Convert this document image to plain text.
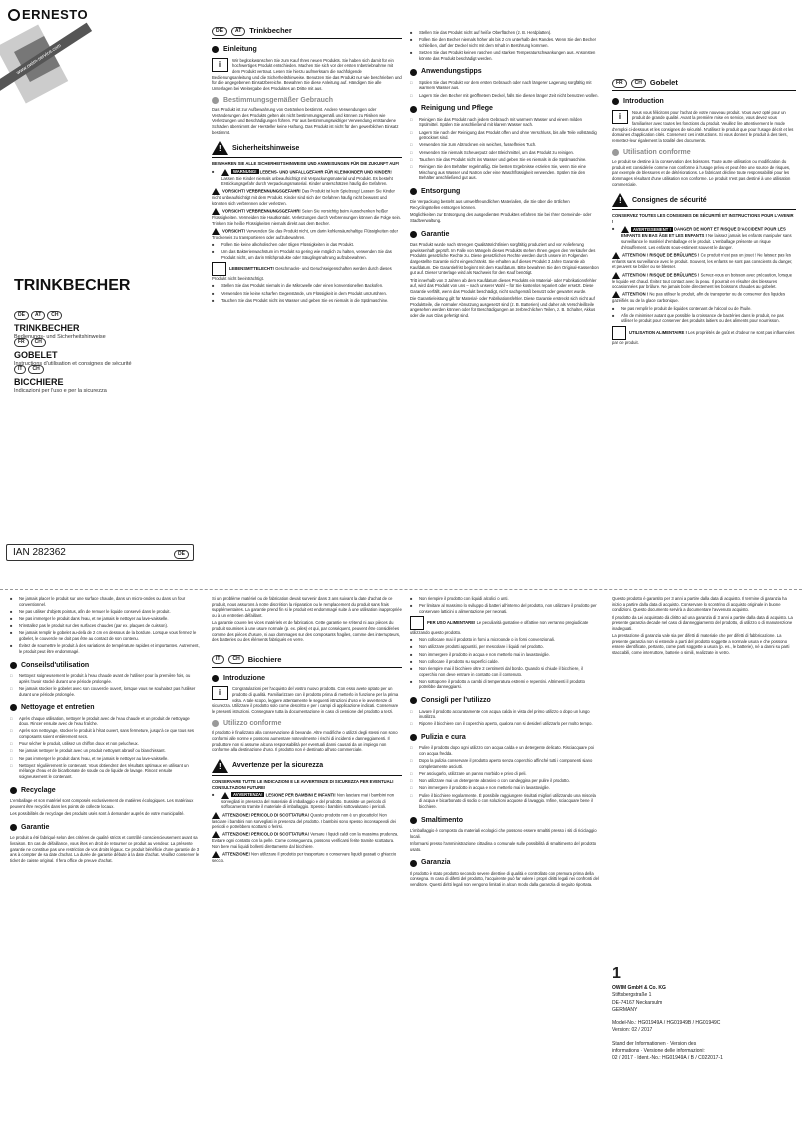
ERNESTO
www.owim-service.com
TRINKBECHER
DE	AT	CH
TRINKBECHER
Bedienungs- und Sicherheitshinweise
FR	CH
GOBELET
Instructions d'utilisation et consignes de sécurité
IT	CH
BICCHIERE
Indicazioni per l'uso e per la sicurezza
IAN 282362	DE
DE	AT	Trinkbecher
Einleitung
i	Wir beglückwünschen Sie zum Kauf Ihres neuen Produkts. Sie haben sich damit für ein hochwertiges Produkt entschieden. Machen Sie sich vor der ersten Inbetriebnahme mit dem Produkt vertraut. Lesen Sie hierzu aufmerksam die nachfolgende Bedienungsanleitung und die Sicherheitshinweise. Benutzen Sie das Produkt nur wie beschrieben und für die angegebenen Einsatzbereiche. Bewahren Sie diese Anleitung auf. Händigen Sie alle Unterlagen bei Weitergabe des Produktes an Dritte mit aus.
Bestimmungsgemäßer Gebrauch
Das Produkt ist zur Aufbewahrung von Getränken bestimmt. Andere Verwendungen oder Veränderungen des Produkts gelten als nicht bestimmungsgemäß und können zu Risiken wie Verletzungen und Beschädigungen führen. Für aus bestimmungswidriger Verwendung entstandene Schäden übernimmt der Hersteller keine Haftung. Das Produkt ist nicht für den gewerblichen Einsatz bestimmt.
!
Sicherheitshinweise
BEWAHREN SIE ALLE SICHERHEITSHINWEISE UND ANWEISUNGEN FÜR DIE ZUKUNFT AUF!
■ WARNUNG! LEBENS- UND UNFALLGEFAHR FÜR KLEINKINDER UND KINDER! Lassen Sie Kinder niemals unbeaufsichtigt mit Verpackungsmaterial und Produkt. Es besteht Erstickungsgefahr durch Verpackungsmaterial. Kinder unterschätzen häufig die Gefahren.
VORSICHT! VERBRENNUNGSGEFAHR! Das Produkt ist kein Spielzeug! Lassen Sie Kinder nicht unbeaufsichtigt mit dem Produkt. Kinder sind sich der Gefahren häufig nicht bewusst und könnten sich verbrennen oder verletzen.
VORSICHT! VERBRENNUNGSGEFAHR! Seien Sie vorsichtig beim Ausschenken heißer Flüssigkeiten. Vermeiden Sie Hautkontakt. Verletzungen durch Verbrennungen können die Folge sein. Trinken Sie heiße Flüssigkeiten niemals direkt aus dem Becher.
VORSICHT! Verwenden Sie das Produkt nicht, um darin kohlensäurehaltige Flüssigkeiten oder Trockeneis zu transportieren oder aufzubewahren.
■ Füllen Sie keine alkoholischen oder öligen Flüssigkeiten in das Produkt.
■ Um das Bakterienwachstum im Produkt so gering wie möglich zu halten, verwenden Sie das Produkt nicht, um darin Milchprodukte oder Säuglingsnahrung aufzubewahren.
LEBENSMITTELECHT! Geschmacks- und Geruchseigenschaften werden durch dieses Produkt nicht beeinträchtigt.
■ Stellen Sie das Produkt niemals in die Mikrowelle oder einen konventionellen Backofen.
■ Verwenden Sie keine scharfen Gegenstände, um Flüssigkeit in dem Produkt umzurühren.
■ Tauchen Sie das Produkt nicht ins Wasser und geben Sie es niemals in die Spülmaschine.
■ Stellen Sie das Produkt nicht auf heiße Oberflächen (z. B. Herdplatten).
■ Füllen Sie den Becher niemals höher als bis 2 cm unterhalb des Randes. Wenn Sie den Becher schließen, darf der Deckel nicht mit dem Inhalt in Berührung kommen.
■ Setzen Sie das Produkt keinen raschen und starken Temperaturschwankungen aus. Ansonsten könnte das Produkt beschädigt werden.
Anwendungstipps
□ Spülen Sie das Produkt vor dem ersten Gebrauch oder nach längerer Lagerung sorgfältig mit warmem Wasser aus.
□ Lagern Sie den Becher mit geöffnetem Deckel, falls Sie diesen länger Zeit nicht benutzen wollen.
Reinigung und Pflege
□ Reinigen Sie das Produkt nach jedem Gebrauch mit warmem Wasser und einem milden Spülmittel. Spülen Sie anschließend mit klarem Wasser nach.
□ Lagern Sie nach der Reinigung das Produkt offen und ohne Verschluss, bis alle Teile vollständig getrocknet sind.
□ Verwenden Sie zum Abtrocknen ein weiches, fusselfreies Tuch.
□ Verwenden Sie niemals Scheuerputz oder Bleichmittel, um das Produkt zu reinigen.
□ Tauchen Sie das Produkt nicht ins Wasser und geben Sie es niemals in die Spülmaschine.
□ Reinigen Sie den Behälter regelmäßig. Die besten Ergebnisse erzielen Sie, wenn Sie eine Mischung aus Wasser und Natron oder eine Waschflüssigkeit verwenden. Spülen Sie den Behälter anschließend gut aus.
Entsorgung
Die Verpackung besteht aus umweltfreundlichen Materialien, die Sie über die örtlichen Recyclingstellen entsorgen können.
Möglichkeiten zur Entsorgung des ausgedienten Produktes erfahren Sie bei Ihrer Gemeinde- oder Stadtverwaltung.
Garantie
Das Produkt wurde nach strengen Qualitätsrichtlinien sorgfältig produziert und vor Anlieferung gewissenhaft geprüft. Im Falle von Mängeln dieses Produkts stehen Ihnen gegen den Verkäufer des Produkts gesetzliche Rechte zu. Diese gesetzlichen Rechte werden durch unsere im Folgenden dargestellte Garantie nicht eingeschränkt. Sie erhalten auf dieses Produkt 3 Jahre Garantie ab Kaufdatum. Die Garantiefrist beginnt mit dem Kaufdatum. Bitte bewahren Sie den Original-Kassenbon gut auf. Dieser Unterlage wird als Nachweis für den Kauf benötigt.
Tritt innerhalb von 3 Jahren ab dem Kaufdatum dieses Produkts ein Material- oder Fabrikationsfehler auf, wird das Produkt von uns – nach unserer Wahl – für Sie kostenlos repariert oder ersetzt. Diese Garantie verfällt, wenn das Produkt beschädigt, nicht sachgemäß benutzt oder gewartet wurde.
Die Garantieleistung gilt für Material- oder Fabrikationsfehler. Diese Garantie erstreckt sich nicht auf Produktteile, die normaler Abnutzung ausgesetzt sind (z. B. Batterien) und daher als Verschleißteile angesehen werden können oder für Beschädigungen an zerbrechlichen Teilen, z. B. Schalter, Akkus oder die aus Glas gefertigt sind.
FR	CH	Gobelet
Introduction
i	Nous vous félicitons pour l'achat de votre nouveau produit. Vous avez opté pour un produit de grande qualité. Avant la première mise en service, vous devez vous familiariser avec toutes les fonctions du produit. Veuillez lire attentivement le mode d'emploi ci-dessous et les consignes de sécurité. N'utilisez le produit que pour l'usage décrit et les domaines d'application cités. Conservez ces instructions. Si vous donnez le produit à des tiers, remettez-leur également la totalité des documents.
Utilisation conforme
Le produit se destine à la conservation des boissons. Toute autre utilisation ou modification du produit est considérée comme non conforme à l'usage prévu et peut être une source de risques, par exemple de blessures et de détériorations. Le fabricant décline toute responsabilité pour les dommages résultant d'une utilisation non conforme. Le produit n'est pas destiné à une utilisation commerciale.
!
Consignes de sécurité
CONSERVEZ TOUTES LES CONSIGNES DE SÉCURITÉ ET INSTRUCTIONS POUR L'AVENIR !
■ AVERTISSEMENT ! DANGER DE MORT ET RISQUE D'ACCIDENT POUR LES ENFANTS EN BAS ÂGE ET LES ENFANTS ! Ne laissez jamais les enfants manipuler sans surveillance le matériel d'emballage et le produit. L'emballage présente un risque d'étouffement. Les enfants sous-estiment souvent le danger.
ATTENTION ! RISQUE DE BRÛLURES ! Ce produit n'est pas un jouet ! Ne laissez pas les enfants sans surveillance avec le produit. Souvent, les enfants ne sont pas conscients du danger, et peuvent se brûler ou se blesser.
ATTENTION ! RISQUE DE BRÛLURES ! Servez-vous en boisson avec précaution, lorsque le liquide est chaud. Évitez tout contact avec la peau. Il pourrait en résulter des blessures occasionnées par brûlure. Ne jamais boire directement les boissons chaudes au gobelet.
ATTENTION ! Ne pas utiliser le produit, afin de transporter ou de conserver des liquides gazéifiés ou de la glace carbonique.
■ Ne pas remplir le produit de liquides contenant de l'alcool ou de l'huile.
■ Afin de minimiser autant que possible la croissance de bactéries dans le produit, ne pas utiliser le produit pour conserver des produits laitiers ou des aliments pour nourrisson.
UTILISATION ALIMENTAIRE ! Les propriétés de goût et d'odeur ne sont pas influencées par ce produit.
■ Ne jamais placer le produit sur une surface chaude, dans un micro-ondes ou dans un four conventionnel.
■ Ne pas utiliser d'objets pointus, afin de remuer le liquide conservé dans le produit.
■ Ne pas immerger le produit dans l'eau, et ne jamais le nettoyer au lave-vaisselle.
■ N'installez pas le produit sur des surfaces chaudes (par ex. plaques de cuisson).
■ Ne jamais remplir le gobelet au-delà de 2 cm en dessous de la bordure. Lorsque vous fermez le gobelet, le couvercle ne doit pas être au contact de son contenu.
■ Évitez de soumettre le produit à des variations de température rapides et importantes. Autrement, le produit peut être endommagé.
Conseilsd'utilisation
□ Nettoyez soigneusement le produit à l'eau chaude avant de l'utiliser pour la première fois, ou après l'avoir stocké durant une période prolongée.
□ Ne jamais stocker le gobelet avec son couvercle ouvert, lorsque vous ne souhaitez pas l'utiliser durant une période prolongée.
Nettoyage et entretien
□ Après chaque utilisation, nettoyer le produit avec de l'eau chaude et un produit de nettoyage doux. Rincer ensuite avec de l'eau fraîche.
□ Après son nettoyage, stocker le produit à l'état ouvert, sans fermeture, jusqu'à ce que tous ses composants soient entièrement secs.
□ Pour sécher le produit, utilisez un chiffon doux et non pelucheux.
□ Ne jamais nettoyer le produit avec un produit nettoyant abrasif ou blanchissant.
□ Ne pas immerger le produit dans l'eau, et ne jamais le nettoyer au lave-vaisselle.
□ Nettoyez régulièrement le contenant. Vous obtiendrez des résultats optimaux en utilisant un mélange d'eau et de bicarbonate de soude ou de liquide de lavage. Rincez ensuite soigneusement le contenant.
Recyclage
L'emballage et son matériel sont composés exclusivement de matières écologiques. Les matériaux peuvent être recyclés dans les points de collecte locaux.
Les possibilités de recyclage des produits usés sont à demander auprès de votre municipalité.
Garantie
Le produit a été fabriqué selon des critères de qualité stricts et contrôlé consciencieusement avant sa livraison. En cas de défaillance, vous êtes en droit de retourner ce produit au vendeur. La présente garantie ne constitue pas une restriction de vos droits légaux. Ce produit bénéficie d'une garantie de 3 ans à compter de sa date d'achat. La durée de garantie débute à la date d'achat. Veuillez conserver le ticket de caisse original. Il fera office de preuve d'achat.
Si un problème matériel ou de fabrication devait survenir dans 3 ans suivant la date d'achat de ce produit, nous assurons à notre discrétion la réparation ou le remplacement du produit sans frais supplémentaires. La garantie prend fin si le produit est endommagé suite à une utilisation inappropriée ou à un entretien défaillant.
La garantie couvre les vices matériels et de fabrication. Cette garantie ne s'étend ni aux pièces du produit soumises à une usure normale (p. ex. piles) et qui, par conséquent, peuvent être considérées comme des pièces d'usure, ni aux dommages sur des composants fragiles, comme des interrupteurs, des batteries ou des éléments fabriqués en verre.
IT	CH	Bicchiere
Introduzione
i	Congratulazioni per l'acquisto del vostro nuovo prodotto. Con esso avete optato per un prodotto di qualità. Familiarizzare con il prodotto prima di metterlo in funzione per la prima volta. A tale scopo, leggere attentamente le seguenti istruzioni d'uso e le avvertenze di sicurezza. Utilizzare il prodotto solo come descritto e per i campi di applicazione indicati. Conservare le presenti istruzioni. Consegnare tutta la documentazione in caso di cessione del prodotto a terzi.
Utilizzo conforme
Il prodotto è finalizzato alla conservazione di bevande. Altre modifiche o utilizzi degli stessi non sono conformi alle norme e possono aumentare notevolmente i rischi di incidenti e danneggiamenti. Il produttore non si assume alcuna responsabilità per eventuali danni causati da un impiego non conforme alla destinazione d'uso. Il prodotto non è destinato all'uso commerciale.
!
Avvertenze per la sicurezza
CONSERVARE TUTTE LE INDICAZIONI E LE AVVERTENZE DI SICUREZZA PER EVENTUALI CONSULTAZIONI FUTURE!
■ AVVERTENZA! LESIONE PER BAMBINI E INFANTI! Non lasciare mai i bambini non sorvegliati in presenza del materiale di imballaggio e del prodotto. Sussiste un pericolo di soffocamento tramite il materiale di imballaggio. Spesso i bambini sottovalutano i pericoli.
ATTENZIONE! PERICOLO DI SCOTTATURA! Questo prodotto non è un giocattolo! Non lasciare i bambini non sorvegliati in presenza del prodotto. I bambini sono spesso inconsapevoli dei pericoli e potrebbero scottarsi o ferirsi.
ATTENZIONE! PERICOLO DI SCOTTATURA! Versare i liquidi caldi con la massima prudenza. Evitare ogni contatto con la pelle. Come conseguenza, possono verificarsi ferite tramite scottatura. Non bere mai liquidi bollenti direttamente dal bicchiere.
ATTENZIONE! Non utilizzare il prodotto per trasportare o conservare liquidi gassati o ghiaccio secco.
■ Non riempire il prodotto con liquidi alcolici o unti.
■ Per limitare al massimo lo sviluppo di batteri all'interno del prodotto, non utilizzare il prodotto per conservare latticini o alimentazione per neonati.
PER USO ALIMENTARE! Le peculiarità gustative e olfattive non verranno pregiudicate utilizzando questo prodotto.
■ Non collocare mai il prodotto in forni a microonde o in forni convenzionali.
■ Non utilizzare prodotti appuntiti, per mescolare i liquidi nel prodotto.
■ Non immergere il prodotto in acqua e non metterlo mai in lavastoviglie.
■ Non collocare il prodotto su superfici calde.
■ Non riempire mai il bicchiere oltre 2 centimetri dal bordo. Quando si chiude il bicchiere, il coperchio non deve entrare in contatto con il contenuto.
■ Non sottoporre il prodotto a cambi di temperatura estremi e repentini. Altrimenti il prodotto potrebbe danneggiarsi.
Consigli per l'utilizzo
□ Lavare il prodotto accuratamente con acqua calda in vista del primo utilizzo o dopo un lungo inutilizzo.
□ Riporre il bicchiere con il coperchio aperto, qualora non si desideri utilizzarlo per molto tempo.
Pulizia e cura
□ Pulire il prodotto dopo ogni utilizzo con acqua calda e un detergente delicato. Risciacquare poi con acqua fredda.
□ Dopo la pulizia conservare il prodotto aperto senza coperchio affinché tutti i componenti siano completamente asciutti.
□ Per asciugarlo, utilizzare un panno morbido e privo di peli.
□ Non utilizzare mai un detergente abrasivo o con candeggina per pulire il prodotto.
□ Non immergere il prodotto in acqua e non metterlo mai in lavastoviglie.
□ Pulire il bicchiere regolarmente. È possibile raggiungere risultati migliori utilizzando una miscela di acqua e bicarbonato di sodio o con soluzioni acquose di lavaggio. Infine, sciacquare bene il bicchiere.
Smaltimento
L'imballaggio è composto da materiali ecologici che possono essere smaltiti presso i siti di riciclaggio locali.
Informarsi presso l'amministrazione cittadina o comunale sulle possibilità di smaltimento del prodotto usato.
Garanzia
Il prodotto è stato prodotto secondo severe direttive di qualità e controllato con premura prima della consegna. In caso di difetti del prodotto, l'acquirente può far valere i propri diritti legali nei confronti del venditore. Questi diritti legali non vengono limitati in alcun modo dalla garanzia di seguito riportata.
Questo prodotto è garantito per 3 anni a partire dalla data di acquisto. Il termine di garanzia ha inizio a partire dalla data di acquisto. Conservare lo scontrino di acquisto originale in buone condizioni. Questo documento servirà a documentare l'avvenuto acquisto.
Il prodotto da Lei acquistato dà diritto ad una garanzia di 3 anni a partire dalla data di acquisto. La presente garanzia decade nel caso di danneggiamento del prodotto, di utilizzo o di manutenzione inadeguati.
La prestazione di garanzia vale sia per difetti di materiale che per difetti di fabbricazione. La presente garanzia non si estende a parti del prodotto soggette a normale usura e che possono essere identificate, pertanto, come parti soggette a usura (p. es., le batterie), né a danni su parti staccabili, come interruttore, batterie o simili, realizzate in vetro.
1
OWIM GmbH & Co. KG
Stiftsbergstraße 1
DE-74167 Neckarsulm
GERMANY
Model-No.: HG01949A / HG01949B / HG01949C
Version: 02 / 2017
Stand der Informationen · Version des
informations · Versione delle informazioni:
02 / 2017 · Ident.-No.: HG01949A / B / C022017-1
